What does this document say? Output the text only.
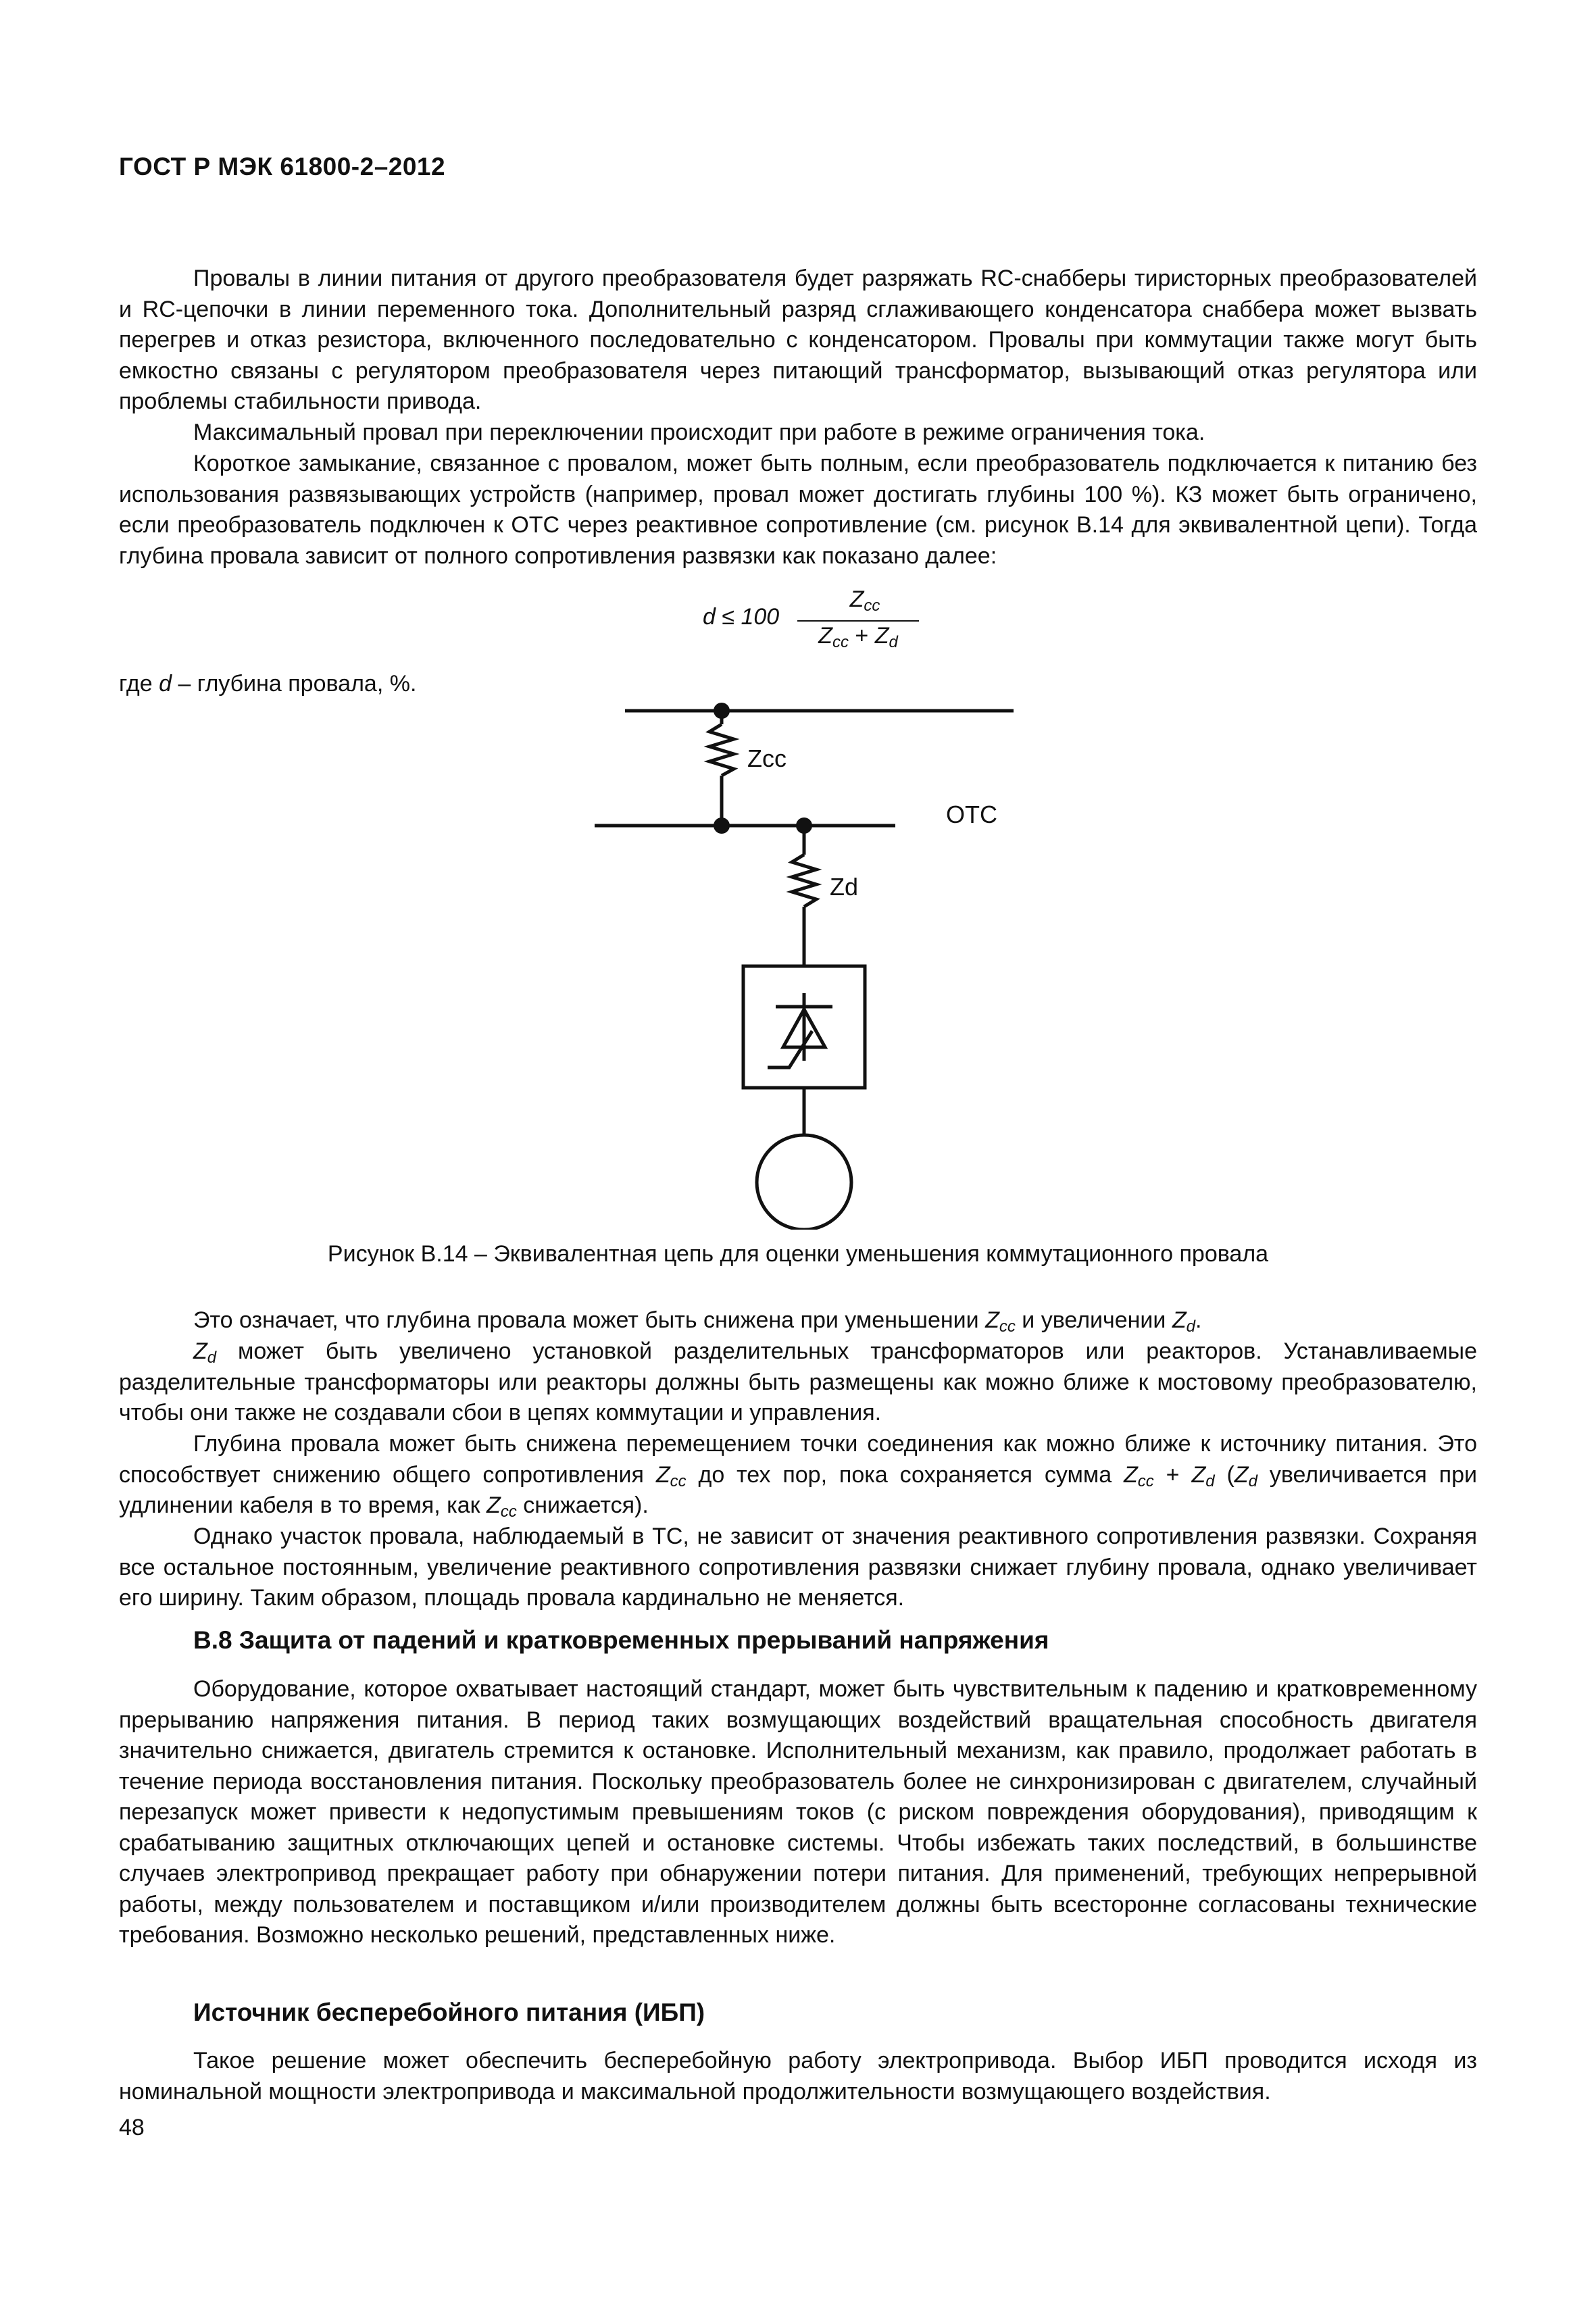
ГОСТ Р МЭК 61800-2–2012
Провалы в линии питания от другого преобразователя будет разряжать RC-снабберы тиристорных преобразователей и RC-цепочки в линии переменного тока. Дополнительный разряд сглаживающего конденсатора снаббера может вызвать перегрев и отказ резистора, включенного последовательно с конденсатором. Провалы при коммутации также могут быть емкостно связаны с регулятором преобразователя через питающий трансформатор, вызывающий отказ регулятора или проблемы стабильности привода.
Максимальный провал при переключении происходит при работе в режиме ограничения тока.
Короткое замыкание, связанное с провалом, может быть полным, если преобразователь подключается к питанию без использования развязывающих устройств (например, провал может достигать глубины 100 %). КЗ может быть ограничено, если преобразователь подключен к ОТС через реактивное сопротивление (см. рисунок В.14 для эквивалентной цепи). Тогда глубина провала зависит от полного сопротивления развязки как показано далее:
d ≤ 100
$Z_{cc}$
$Z_{cc} + Z_d$
где d – глубина провала, %.
Zcc
Zd
ОТС
Рисунок В.14 – Эквивалентная цепь для оценки уменьшения коммутационного провала
Это означает, что глубина провала может быть снижена при уменьшении $Z_{cc}$ и увеличении $Z_d$.
$Z_d$ может быть увеличено установкой разделительных трансформаторов или реакторов. Устанавливаемые разделительные трансформаторы или реакторы должны быть размещены как можно ближе к мостовому преобразователю, чтобы они также не создавали сбои в цепях коммутации и управления.
Глубина провала может быть снижена перемещением точки соединения как можно ближе к источнику питания. Это способствует снижению общего сопротивления $Z_{cc}$ до тех пор, пока сохраняется сумма $Z_{cc} + Z_d$ ($Z_d$ увеличивается при удлинении кабеля в то время, как $Z_{cc}$ снижается).
Однако участок провала, наблюдаемый в ТС, не зависит от значения реактивного сопротивления развязки. Сохраняя все остальное постоянным, увеличение реактивного сопротивления развязки снижает глубину провала, однако увеличивает его ширину. Таким образом, площадь провала кардинально не меняется.
В.8 Защита от падений и кратковременных прерываний напряжения
Оборудование, которое охватывает настоящий стандарт, может быть чувствительным к падению и кратковременному прерыванию напряжения питания. В период таких возмущающих воздействий вращательная способность двигателя значительно снижается, двигатель стремится к остановке. Исполнительный механизм, как правило, продолжает работать в течение периода восстановления питания. Поскольку преобразователь более не синхронизирован с двигателем, случайный перезапуск может привести к недопустимым превышениям токов (с риском повреждения оборудования), приводящим к срабатыванию защитных отключающих цепей и остановке системы. Чтобы избежать таких последствий, в большинстве случаев электропривод прекращает работу при обнаружении потери питания. Для применений, требующих непрерывной работы, между пользователем и поставщиком и/или производителем должны быть всесторонне согласованы технические требования. Возможно несколько решений, представленных ниже.
Источник бесперебойного питания (ИБП)
Такое решение может обеспечить бесперебойную работу электропривода. Выбор ИБП проводится исходя из номинальной мощности электропривода и максимальной продолжительности возмущающего воздействия.
48
